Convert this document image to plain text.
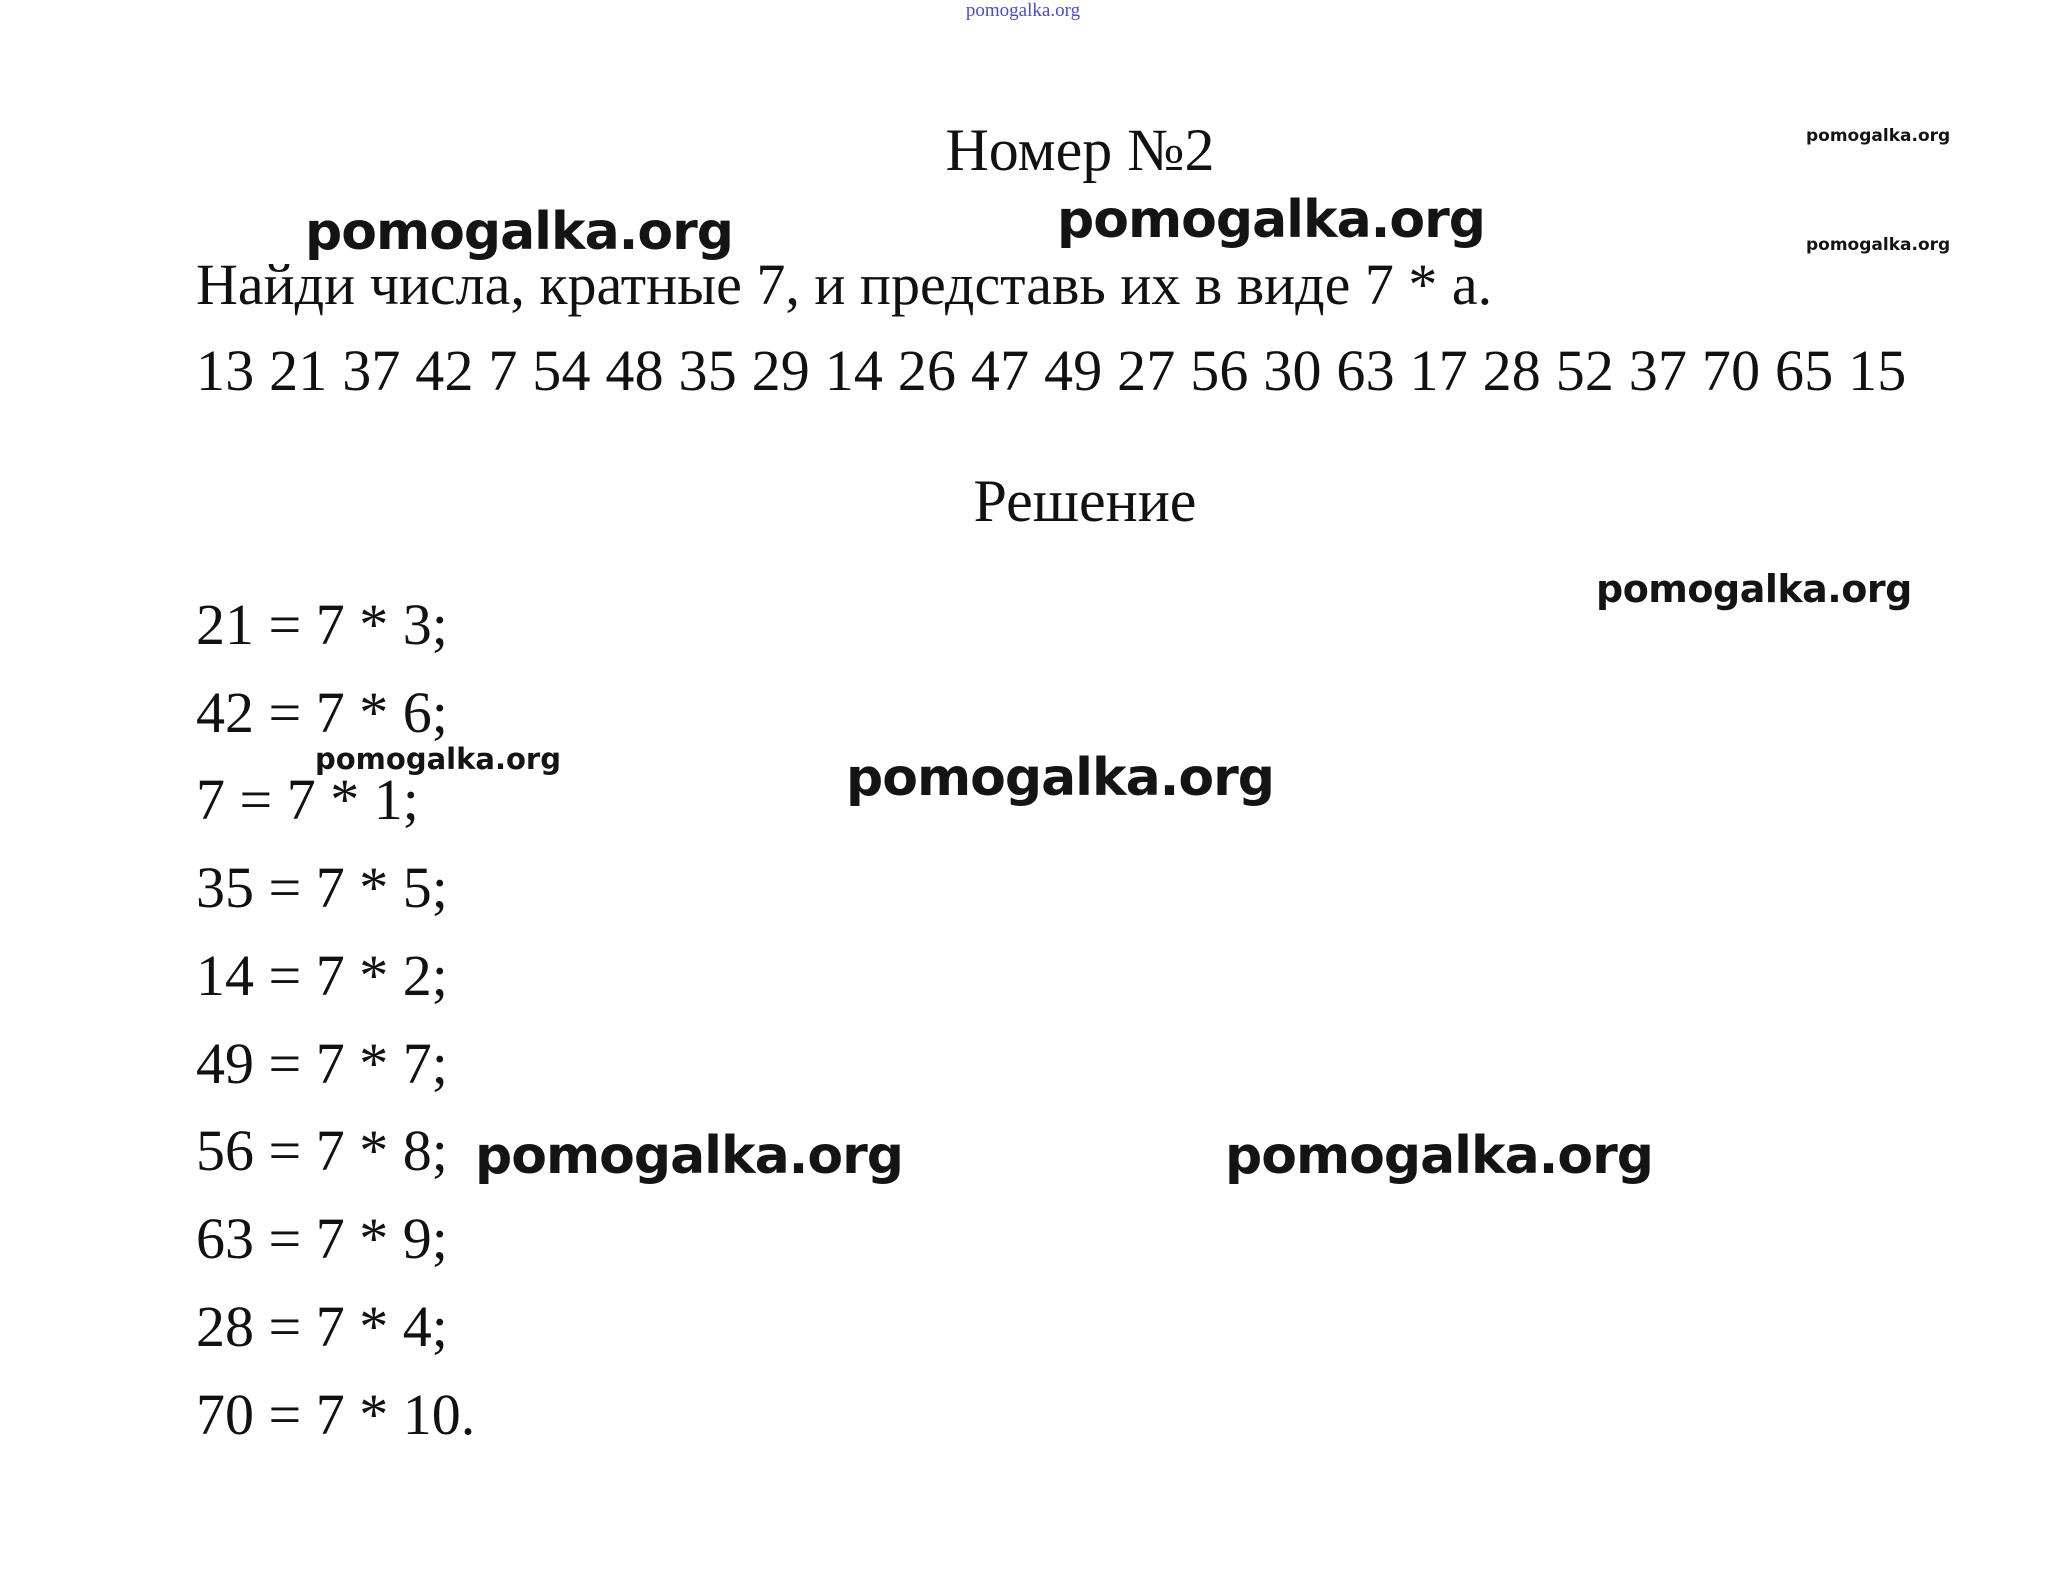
pomogalka.org
Номер №2
Найди числа, кратные 7, и представь их в виде 7 * а.
13 21 37 42 7 54 48 35 29 14 26 47 49 27 56 30 63 17 28 52 37 70 65 15
Решение
21 = 7 * 3;
42 = 7 * 6;
7 = 7 * 1;
35 = 7 * 5;
14 = 7 * 2;
49 = 7 * 7;
56 = 7 * 8;
63 = 7 * 9;
28 = 7 * 4;
70 = 7 * 10.
pomogalka.org	pomogalka.org
pomogalka.org
pomogalka.org
pomogalka.org
pomogalka.org	pomogalka.org
pomogalka.org	pomogalka.org
